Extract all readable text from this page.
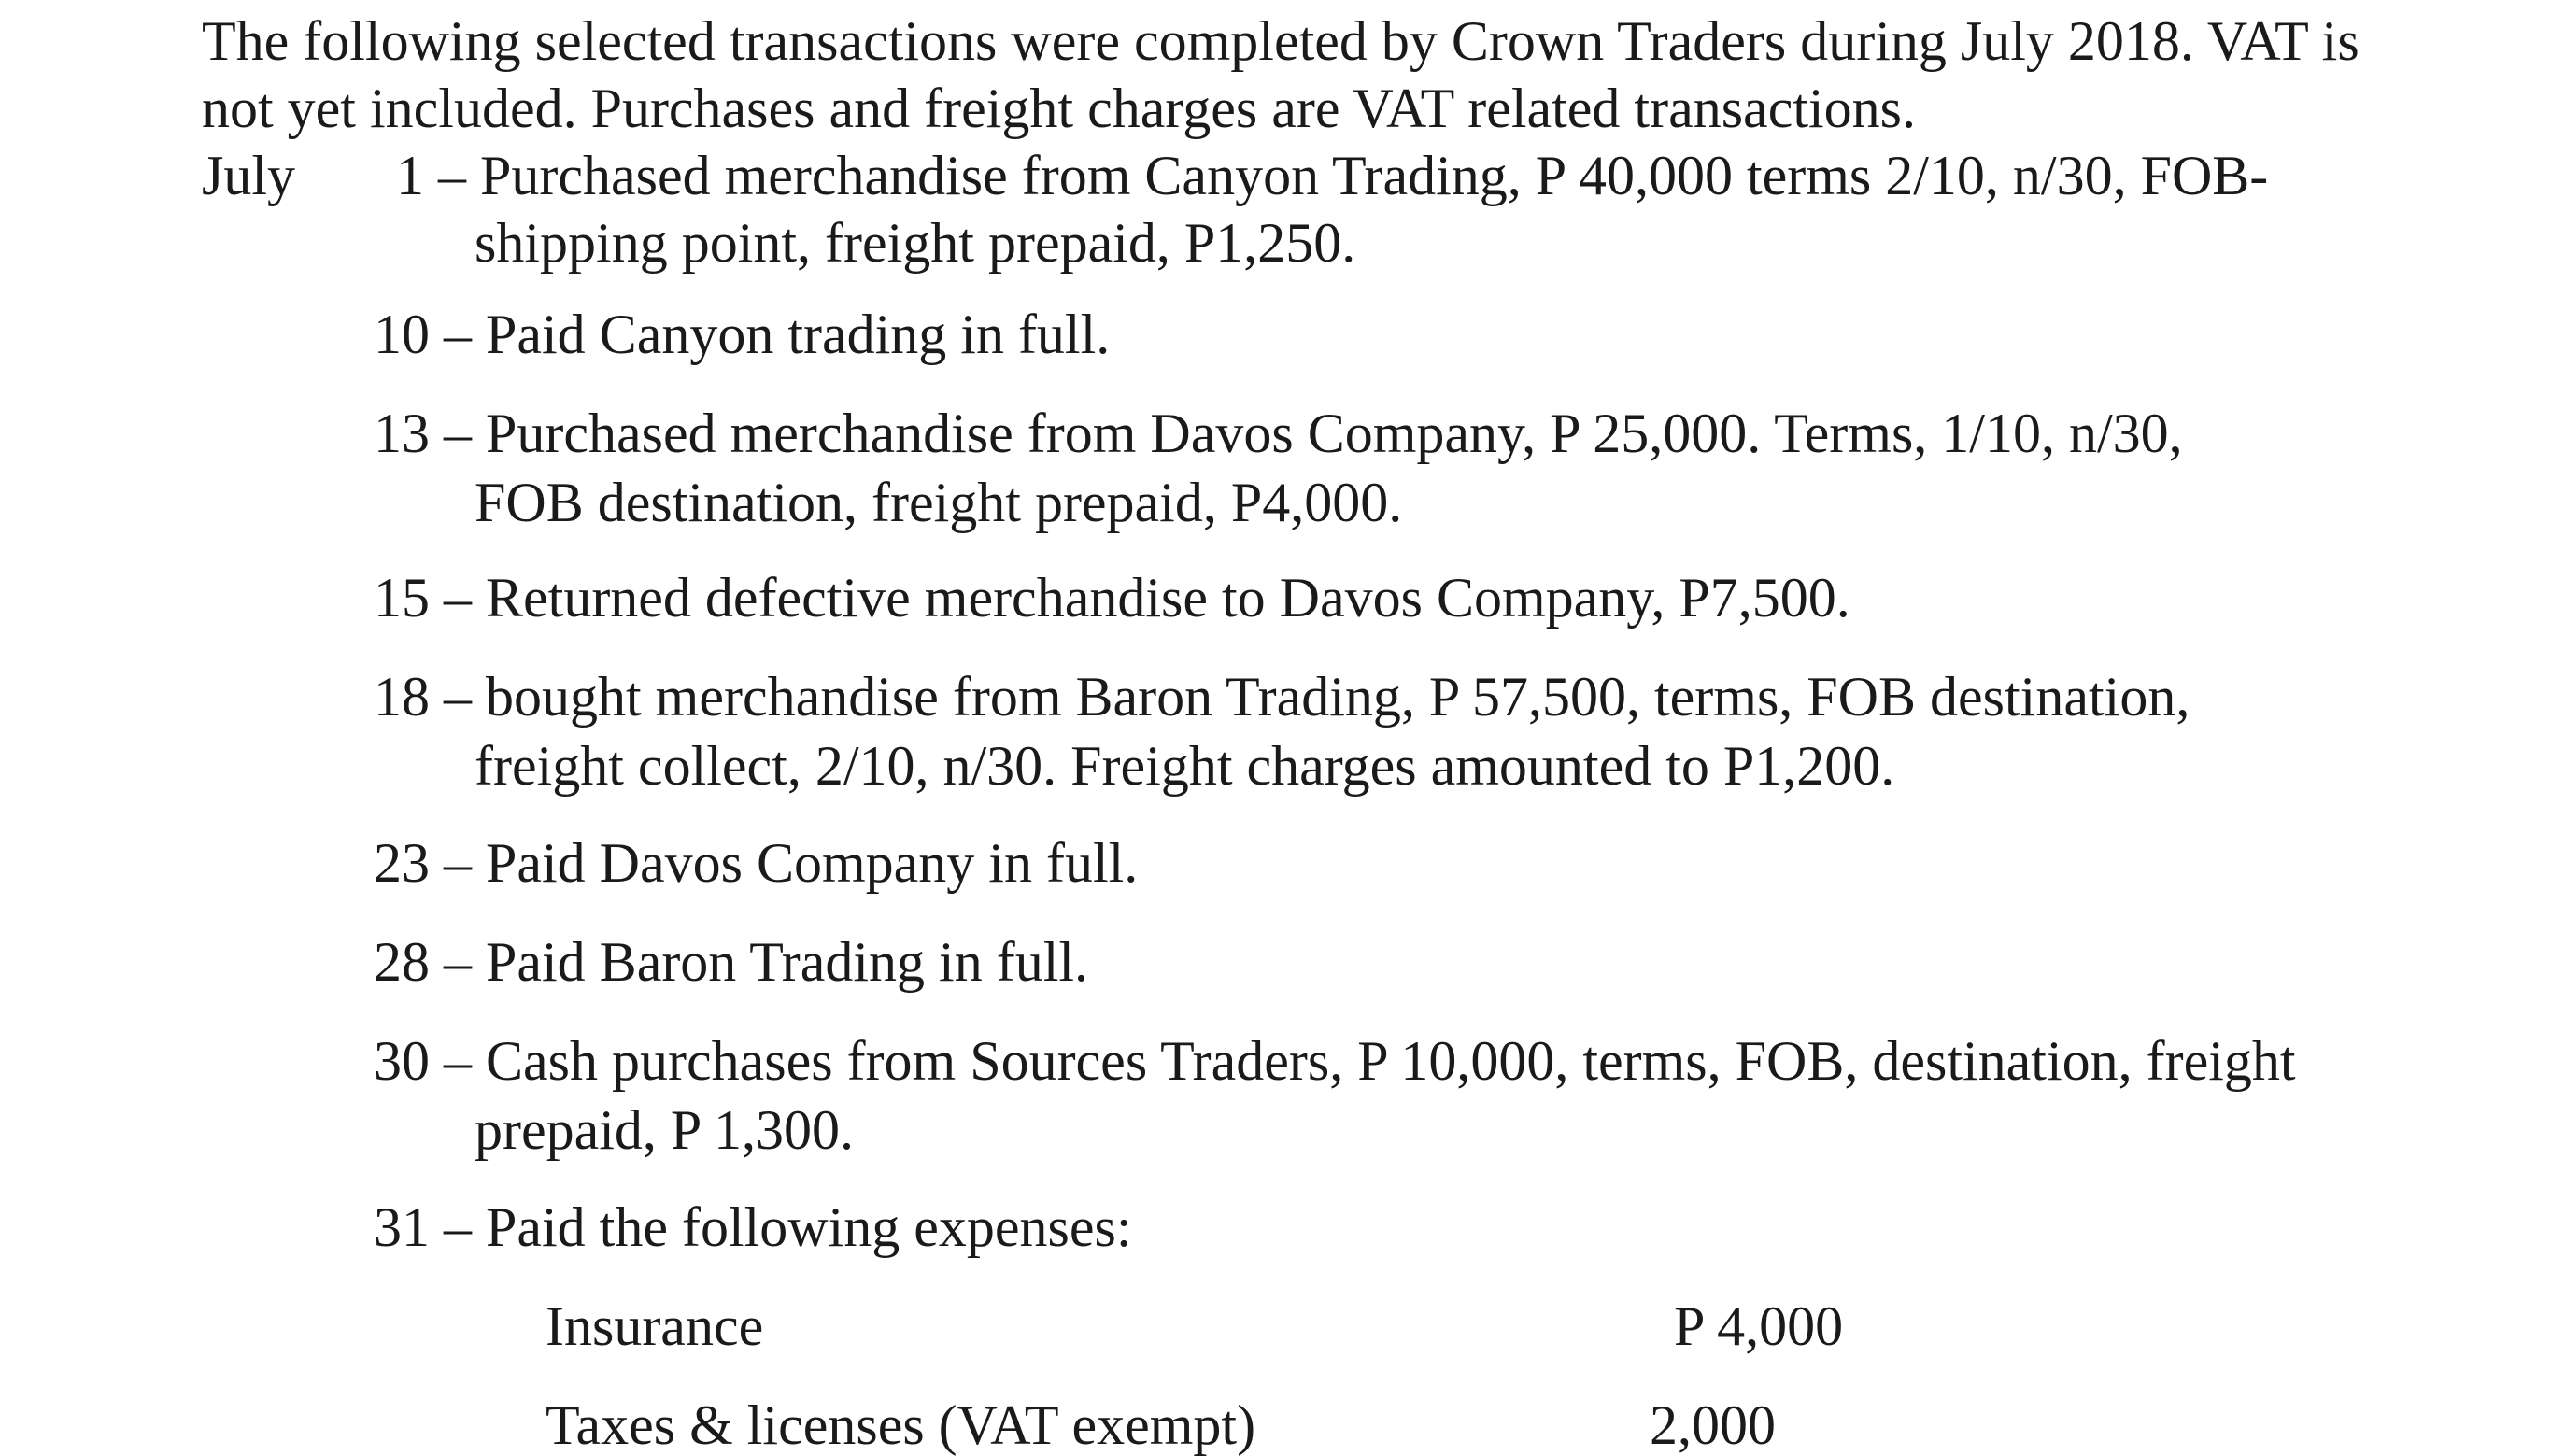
The following selected transactions were completed by Crown Traders during July 2018. VAT is
not yet included. Purchases and freight charges are VAT related transactions.
July 1 – Purchased merchandise from Canyon Trading, P 40,000 terms 2/10, n/30, FOB-
shipping point, freight prepaid, P1,250.
10 – Paid Canyon trading in full.
13 – Purchased merchandise from Davos Company, P 25,000. Terms, 1/10, n/30,
FOB destination, freight prepaid, P4,000.
15 – Returned defective merchandise to Davos Company, P7,500.
18 – bought merchandise from Baron Trading, P 57,500, terms, FOB destination,
freight collect, 2/10, n/30. Freight charges amounted to P1,200.
23 – Paid Davos Company in full.
28 – Paid Baron Trading in full.
30 – Cash purchases from Sources Traders, P 10,000, terms, FOB, destination, freight
prepaid, P 1,300.
31 – Paid the following expenses:
Insurance	P 4,000
Taxes & licenses (VAT exempt)	2,000
